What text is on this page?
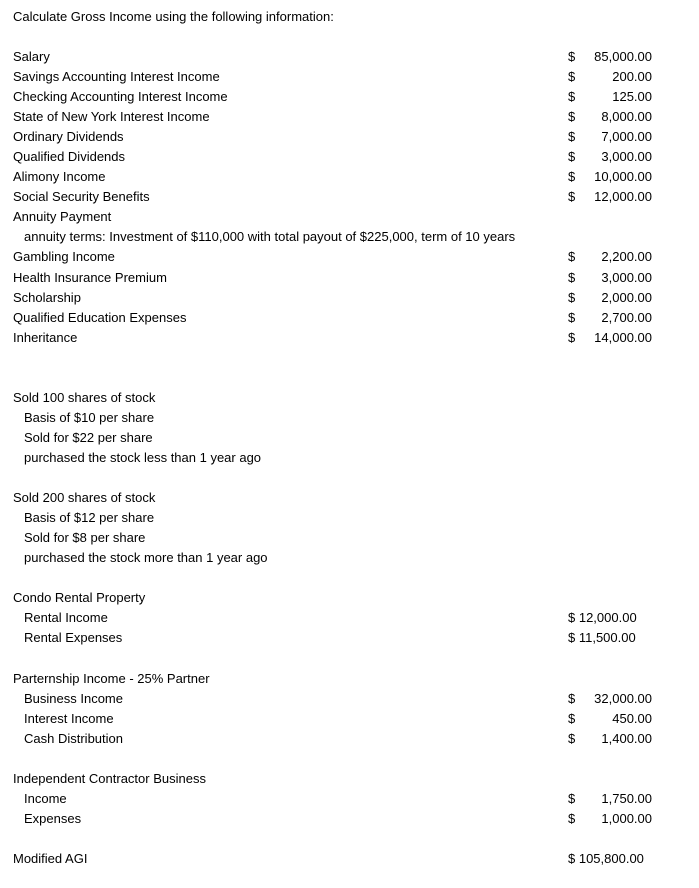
Calculate Gross Income using the following information:
Salary	$ 85,000.00
Savings Accounting Interest Income	$	200.00
Checking Accounting Interest Income	$	125.00
State of New York Interest Income	$ 8,000.00
Ordinary Dividends	$ 7,000.00
Qualified Dividends	$ 3,000.00
Alimony Income	$ 10,000.00
Social Security Benefits	$ 12,000.00
Annuity Payment
annuity terms: Investment of $110,000 with total payout of $225,000, term of 10 years
Gambling Income	$ 2,200.00
Health Insurance Premium	$ 3,000.00
Scholarship	$ 2,000.00
Qualified Education Expenses	$ 2,700.00
Inheritance	$ 14,000.00
Sold 100 shares of stock
Basis of $10 per share
Sold for $22 per share
purchased the stock less than 1 year ago
Sold 200 shares of stock
Basis of $12 per share
Sold for $8 per share
purchased the stock more than 1 year ago
Condo Rental Property
Rental Income	$ 12,000.00
Rental Expenses	$ 11,500.00
Parternship Income - 25% Partner
Business Income	$ 32,000.00
Interest Income	$	450.00
Cash Distribution	$ 1,400.00
Independent Contractor Business
Income	$ 1,750.00
Expenses	$ 1,000.00
Modified AGI	$ 105,800.00
